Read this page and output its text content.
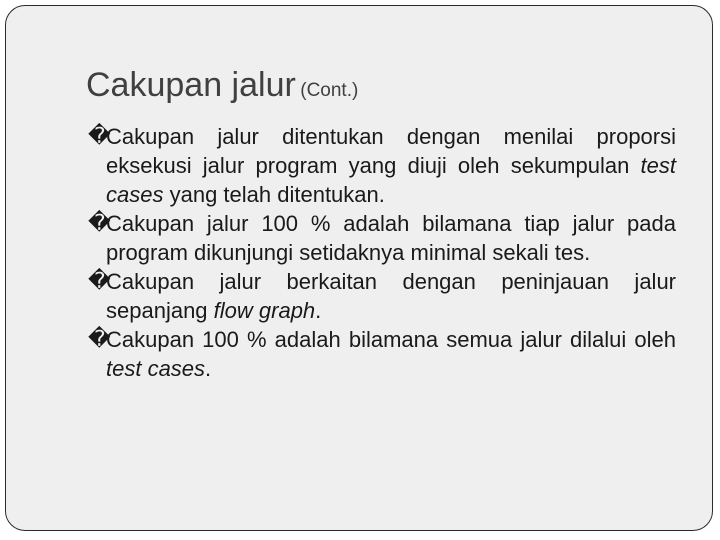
Cakupan jalur (Cont.)
�
Cakupan jalur ditentukan dengan menilai proporsi eksekusi jalur program yang diuji oleh sekumpulan test cases yang telah ditentukan.
�
Cakupan jalur 100 % adalah bilamana tiap jalur pada program dikunjungi setidaknya minimal sekali tes.
�
Cakupan jalur berkaitan dengan peninjauan jalur sepanjang flow graph.
�
Cakupan 100 % adalah bilamana semua jalur dilalui oleh test cases.
